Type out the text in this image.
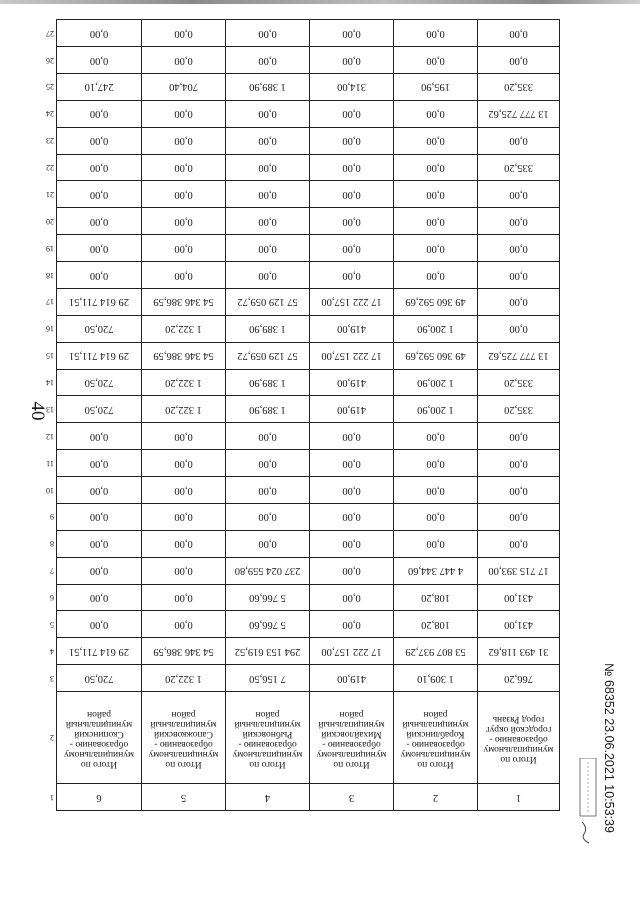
40
1	2	3	4	5	6	1
Итого по муниципальному образованию - городской округ город Рязань	Итого по муниципальному образованию - Кораблинский муниципальный район	Итого по муниципальному образованию - Михайловский муниципальный район	Итого по муниципальному образованию - Рыбновский муниципальный район	Итого по муниципальному образованию - Сапожковский муниципальный район	Итого по муниципальному образованию - Скопинский муниципальный район	2
766,20	1 309,10	419,00	7 156,50	1 322,20	720,50	3
31 493 118,62	53 807 937,29	17 222 157,00	294 153 619,52	54 346 386,59	29 614 711,51	4
431,00	108,20	0,00	5 766,60	0,00	0,00	5
431,00	108,20	0,00	5 766,60	0,00	0,00	6
17 715 393,00	4 447 344,60	0,00	237 024 559,80	0,00	0,00	7
0,00	0,00	0,00	0,00	0,00	0,00	8
0,00	0,00	0,00	0,00	0,00	0,00	9
0,00	0,00	0,00	0,00	0,00	0,00	10
0,00	0,00	0,00	0,00	0,00	0,00	11
0,00	0,00	0,00	0,00	0,00	0,00	12
335,20	1 200,90	419,00	1 389,90	1 322,20	720,50	13
335,20	1 200,90	419,00	1 389,90	1 322,20	720,50	14
13 777 725,62	49 360 592,69	17 222 157,00	57 129 059,72	54 346 386,59	29 614 711,51	15
0,00	1 200,90	419,00	1 389,90	1 322,20	720,50	16
0,00	49 360 592,69	17 222 157,00	57 129 059,72	54 346 386,59	29 614 711,51	17
0,00	0,00	0,00	0,00	0,00	0,00	18
0,00	0,00	0,00	0,00	0,00	0,00	19
0,00	0,00	0,00	0,00	0,00	0,00	20
0,00	0,00	0,00	0,00	0,00	0,00	21
335,20	0,00	0,00	0,00	0,00	0,00	22
0,00	0,00	0,00	0,00	0,00	0,00	23
13 777 725,62	0,00	0,00	0,00	0,00	0,00	24
335,20	195,90	314,00	1 389,90	704,40	247,10	25
0,00	0,00	0,00	0,00	0,00	0,00	26
0,00	0,00	0,00	0,00	0,00	0,00	27
№ 68352 23.06.2021 10:53:39
